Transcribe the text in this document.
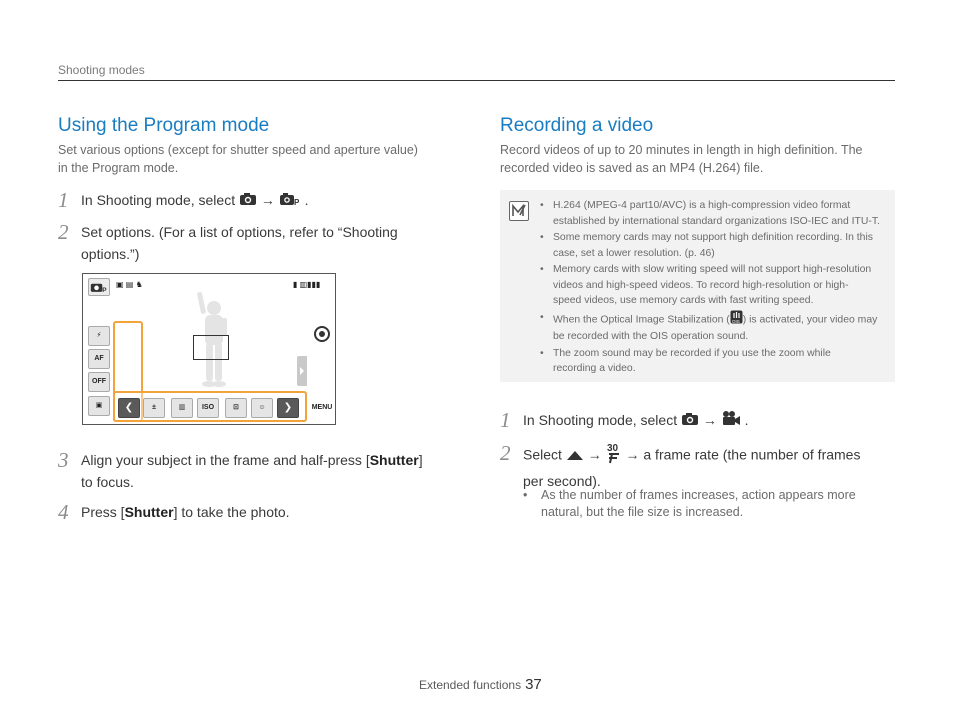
Shooting modes
Using the Program mode
Set various options (except for shutter speed and aperture value)
in the Program mode.
1 In Shooting mode, select → P .
2 Set options. (For a list of options, refer to “Shooting
options.”)
P
▣ ▤ ♞	▮ ▥▮▮▮
MENU
⚡
AF
OFF
▣	❮	±	▥	ISO	⊡	☺	❯
3 Align your subject in the frame and half-press [Shutter]
to focus.
4 Press [Shutter] to take the photo.
Recording a video
Record videos of up to 20 minutes in length in high definition. The
recorded video is saved as an MP4 (H.264) file.
• H.264 (MPEG-4 part10/AVC) is a high-compression video format
established by international standard organizations ISO-IEC and ITU-T.
• Some memory cards may not support high definition recording. In this
case, set a lower resolution. (p. 46)
• Memory cards with slow writing speed will not support high-resolution
videos and high-speed videos. To record high-resolution or high-
speed videos, use memory cards with fast writing speed.
• When the Optical Image Stabilization ( OIS ) is activated, your video may
be recorded with the OIS operation sound.
• The zoom sound may be recorded if you use the zoom while
recording a video.
1 In Shooting mode, select → .
2 Select → 30 → a frame rate (the number of frames
per second).
• As the number of frames increases, action appears more
natural, but the file size is increased.
Extended functions 37
